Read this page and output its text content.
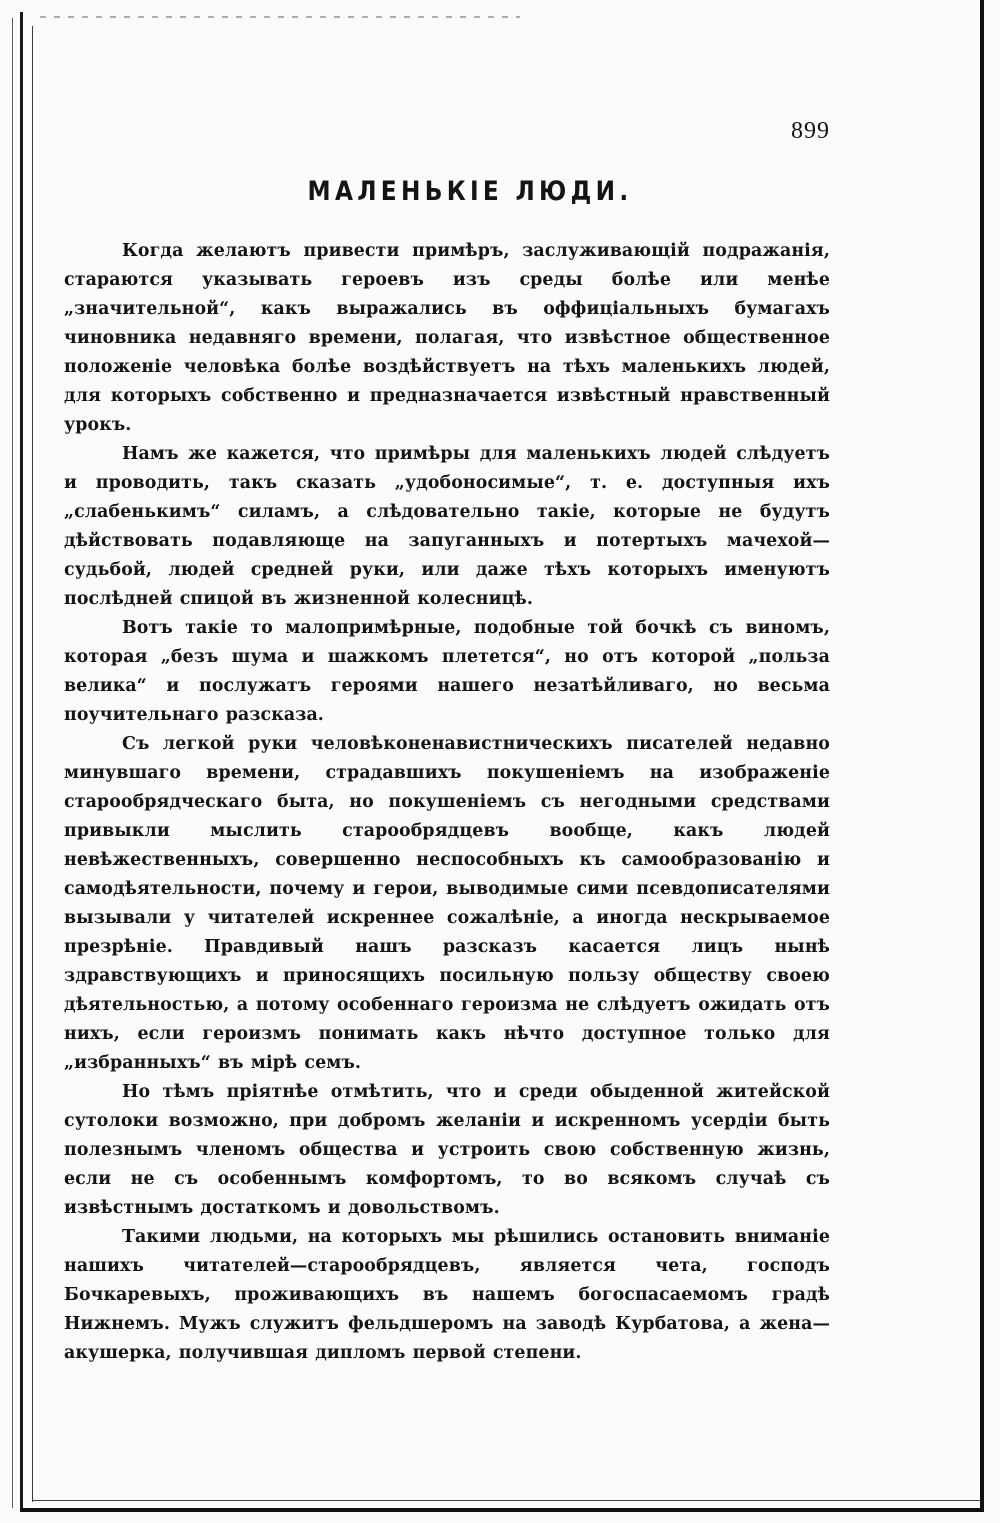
899
МАЛЕНЬКIЕ ЛЮДИ.

Когда желаютъ привести примѣръ, заслуживающiй подражанiя, стараются указывать героевъ изъ среды болѣе или менѣе „значительной“, какъ выражались въ оффицiальныхъ бумагахъ чиновника недавняго времени, полагая, что извѣстное общественное положенiе человѣка болѣе воздѣйствуетъ на тѣхъ маленькихъ людей, для которыхъ собственно и предназначается извѣстный нравственный урокъ.

Намъ же кажется, что примѣры для маленькихъ людей слѣдуетъ и проводить, такъ сказать „удобоносимые“, т. е. доступныя ихъ „слабенькимъ“ силамъ, а слѣдовательно такiе, которые не будутъ дѣйствовать подавляюще на запуганныхъ и потертыхъ мачехой—судьбой, людей средней руки, или даже тѣхъ которыхъ именуютъ послѣдней спицой въ жизненной колесницѣ.

Вотъ такiе то малопримѣрные, подобные той бочкѣ съ виномъ, которая „безъ шума и шажкомъ плетется“, но отъ которой „польза велика“ и послужатъ героями нашего незатѣйливаго, но весьма поучительнаго разсказа.

Съ легкой руки человѣконенавистническихъ писателей недавно минувшаго времени, страдавшихъ покушенiемъ на изображенiе старообрядческаго быта, но покушенiемъ съ негодными средствами привыкли мыслить старообрядцевъ вообще, какъ людей невѣжественныхъ, совершенно неспособныхъ къ самообразованiю и самодѣятельности, почему и герои, выводимые сими псевдописателями вызывали у читателей искреннее сожалѣнiе, а иногда нескрываемое презрѣнiе. Правдивый нашъ разсказъ касается лицъ нынѣ здравствующихъ и приносящихъ посильную пользу обществу своею дѣятельностью, а потому особеннаго героизма не слѣдуетъ ожидать отъ нихъ, если героизмъ понимать какъ нѣчто доступное только для „избранныхъ“ въ мiрѣ семъ.

Но тѣмъ прiятнѣе отмѣтить, что и среди обыденной житейской сутолоки возможно, при добромъ желанiи и искренномъ усердiи быть полезнымъ членомъ общества и устроить свою собственную жизнь, если не съ особеннымъ комфортомъ, то во всякомъ случаѣ съ извѣстнымъ достаткомъ и довольствомъ.

Такими людьми, на которыхъ мы рѣшились остановить вниманiе нашихъ читателей—старообрядцевъ, является чета, господъ Бочкаревыхъ, проживающихъ въ нашемъ богоспасаемомъ градѣ Нижнемъ. Мужъ служитъ фельдшеромъ на заводѣ Курбатова, а жена—акушерка, получившая дипломъ первой степени.
